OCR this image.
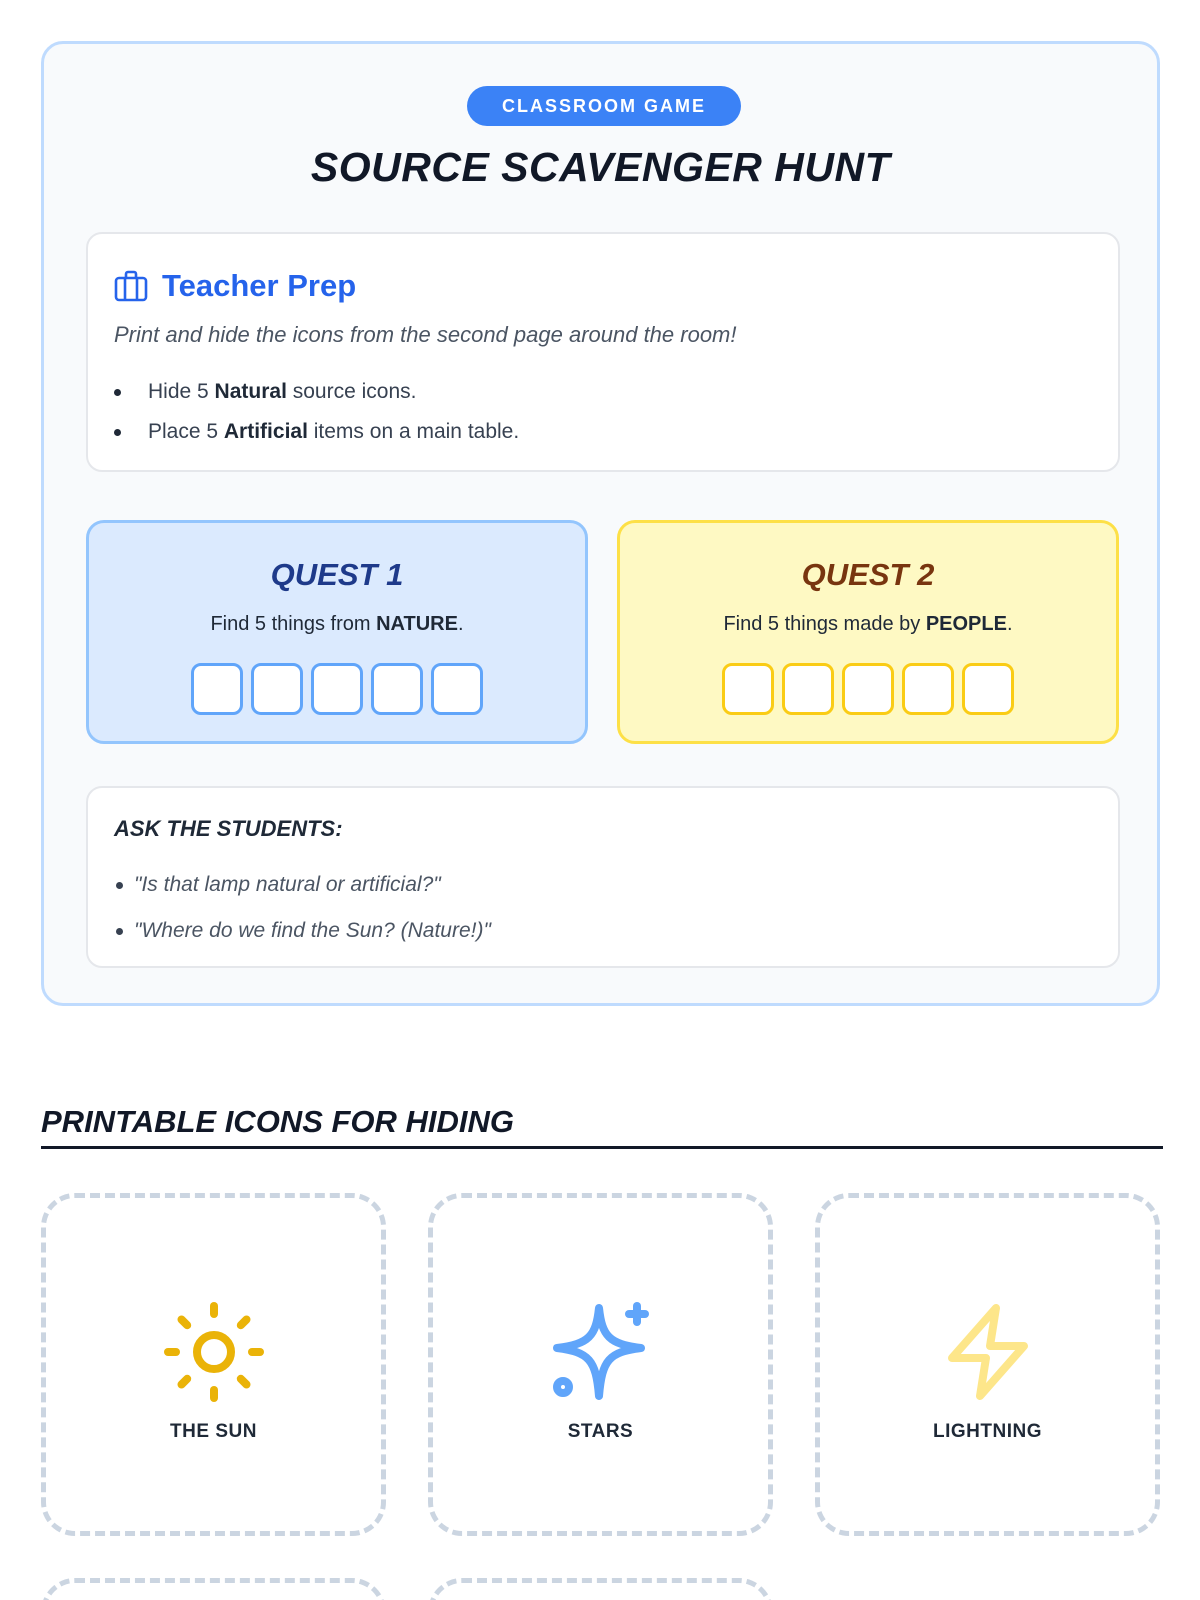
CLASSROOM GAME
SOURCE SCAVENGER HUNT
Teacher Prep
Print and hide the icons from the second page around the room!
Hide 5 Natural source icons.
Place 5 Artificial items on a main table.
QUEST 1
Find 5 things from NATURE.
QUEST 2
Find 5 things made by PEOPLE.
ASK THE STUDENTS:
"Is that lamp natural or artificial?"
"Where do we find the Sun? (Nature!)"
PRINTABLE ICONS FOR HIDING
THE SUN	STARS	LIGHTNING
